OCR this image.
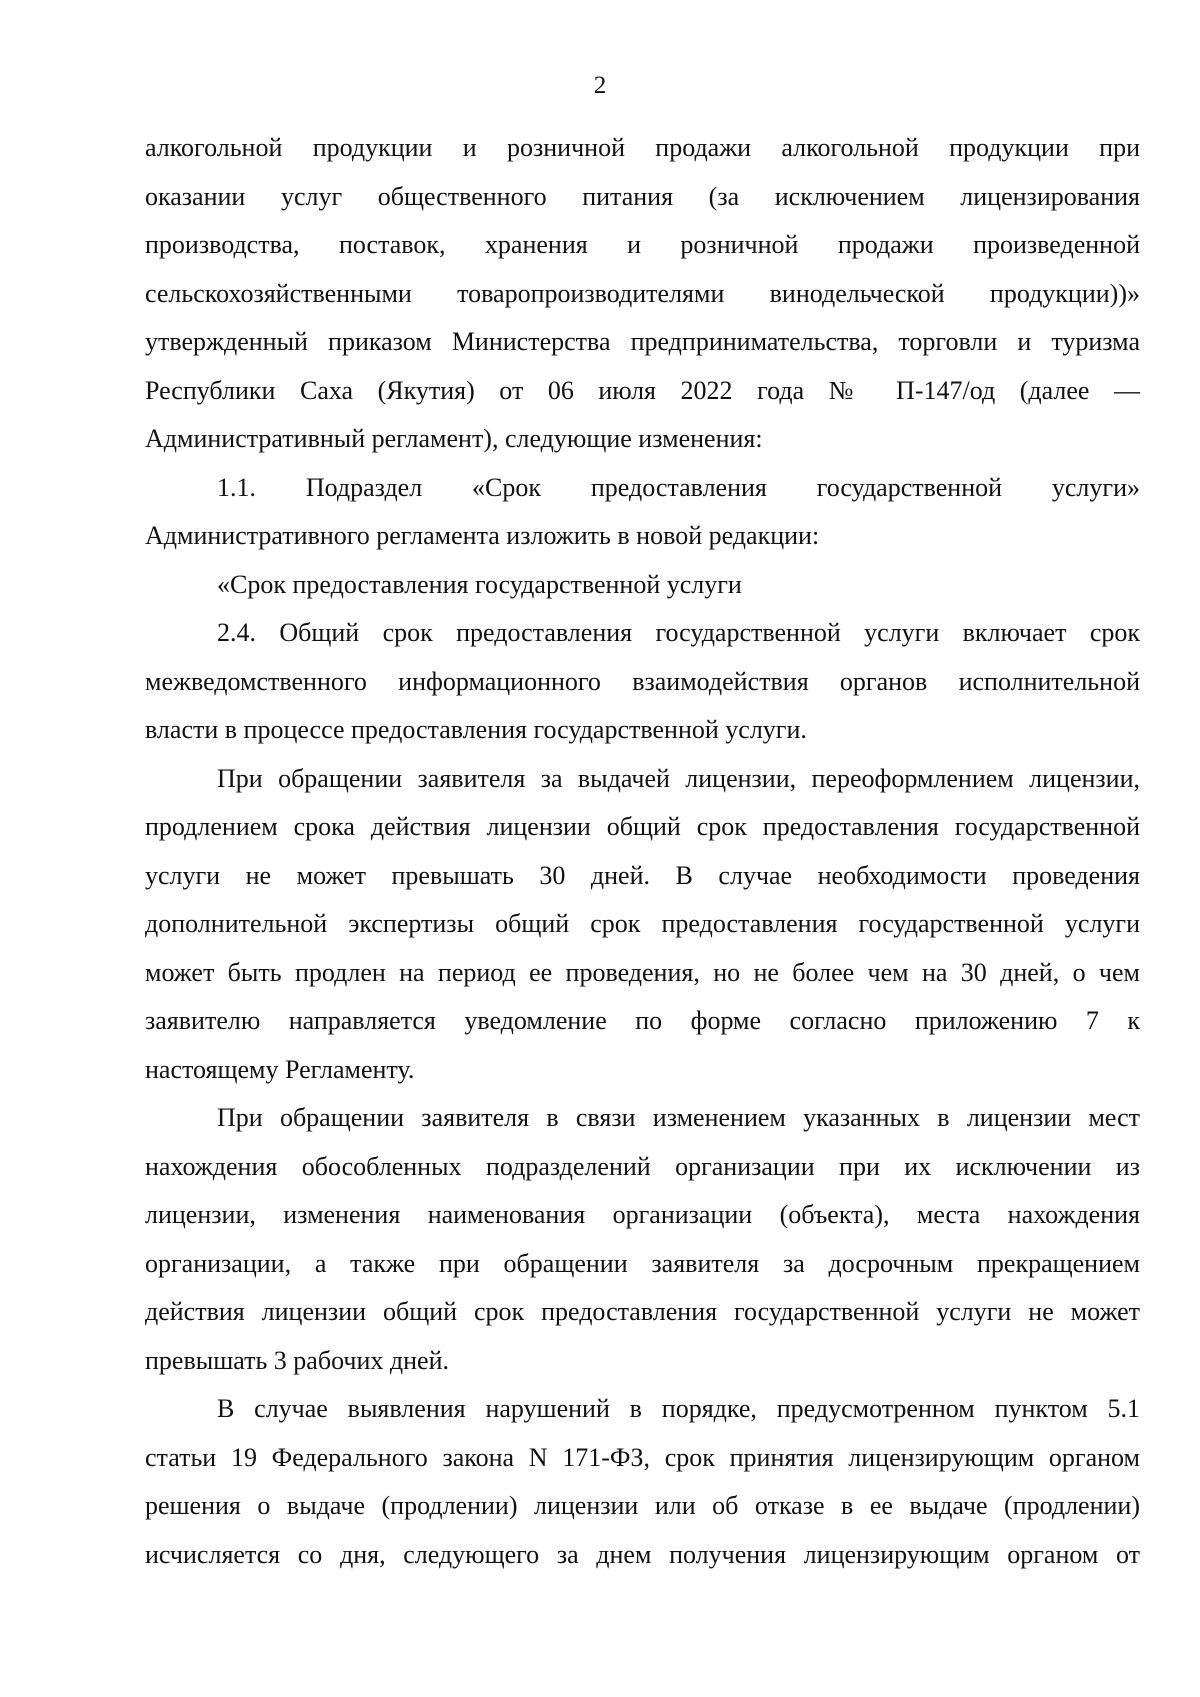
2
алкогольной продукции и розничной продажи алкогольной продукции при
оказании услуг общественного питания (за исключением лицензирования
производства, поставок, хранения и розничной продажи произведенной
сельскохозяйственными товаропроизводителями винодельческой продукции))»
утвержденный приказом Министерства предпринимательства, торговли и туризма
Республики Саха (Якутия) от 06 июля 2022 года № П-147/од (далее —
Административный регламент), следующие изменения:
1.1. Подраздел «Срок предоставления государственной услуги»
Административного регламента изложить в новой редакции:
«Срок предоставления государственной услуги
2.4. Общий срок предоставления государственной услуги включает срок
межведомственного информационного взаимодействия органов исполнительной
власти в процессе предоставления государственной услуги.
При обращении заявителя за выдачей лицензии, переоформлением лицензии,
продлением срока действия лицензии общий срок предоставления государственной
услуги не может превышать 30 дней. В случае необходимости проведения
дополнительной экспертизы общий срок предоставления государственной услуги
может быть продлен на период ее проведения, но не более чем на 30 дней, о чем
заявителю направляется уведомление по форме согласно приложению 7 к
настоящему Регламенту.
При обращении заявителя в связи изменением указанных в лицензии мест
нахождения обособленных подразделений организации при их исключении из
лицензии, изменения наименования организации (объекта), места нахождения
организации, а также при обращении заявителя за досрочным прекращением
действия лицензии общий срок предоставления государственной услуги не может
превышать 3 рабочих дней.
В случае выявления нарушений в порядке, предусмотренном пунктом 5.1
статьи 19 Федерального закона N 171-ФЗ, срок принятия лицензирующим органом
решения о выдаче (продлении) лицензии или об отказе в ее выдаче (продлении)
исчисляется со дня, следующего за днем получения лицензирующим органом от
